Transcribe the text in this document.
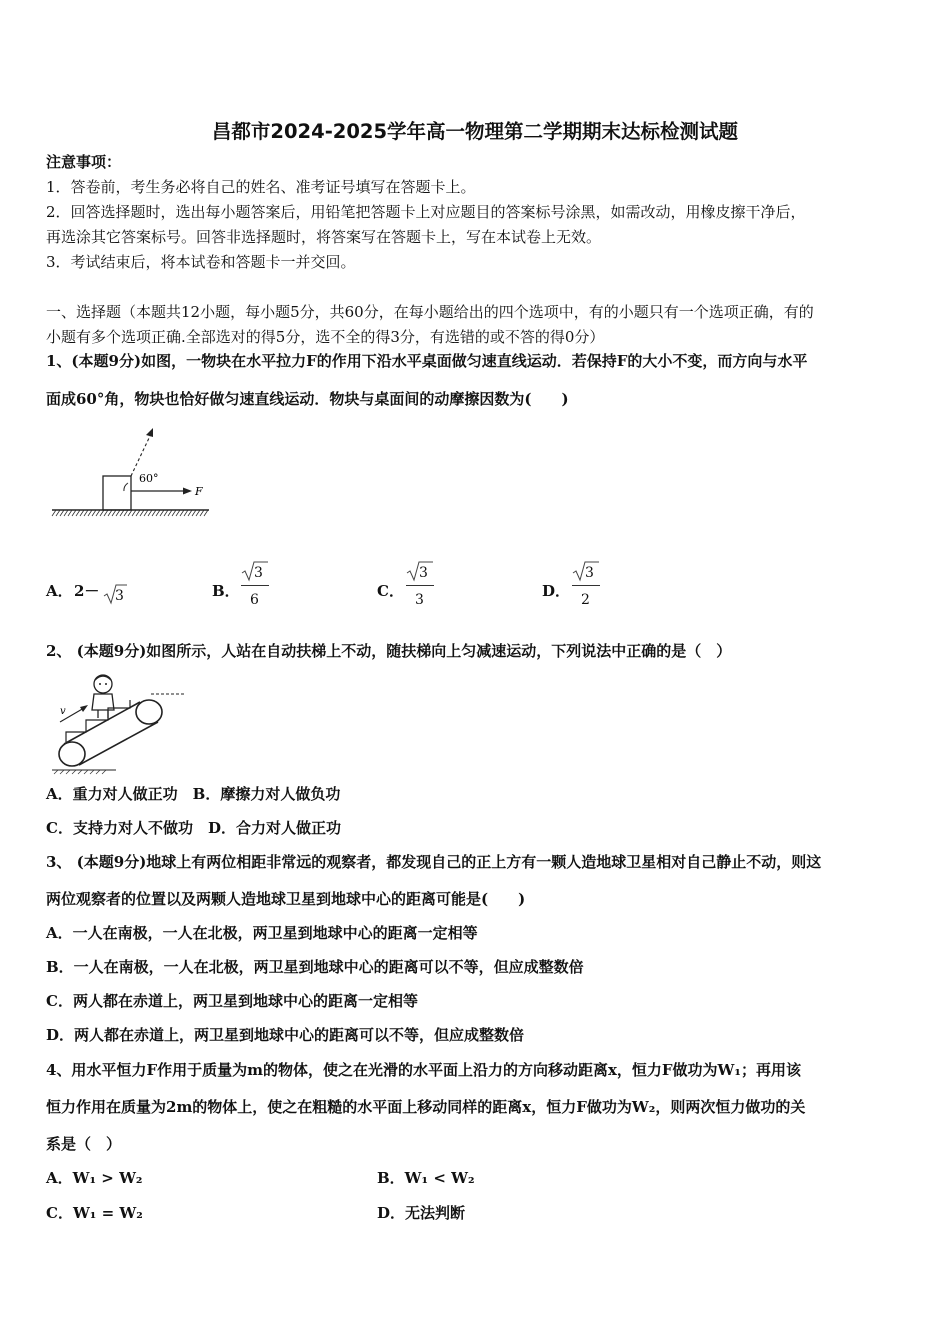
昌都市2024-2025学年高一物理第二学期期末达标检测试题
注意事项：
1．答卷前，考生务必将自己的姓名、准考证号填写在答题卡上。
2．回答选择题时，选出每小题答案后，用铅笔把答题卡上对应题目的答案标号涂黑，如需改动，用橡皮擦干净后，
再选涂其它答案标号。回答非选择题时，将答案写在答题卡上，写在本试卷上无效。
3．考试结束后，将本试卷和答题卡一并交回。
一、选择题（本题共12小题，每小题5分，共60分，在每小题给出的四个选项中，有的小题只有一个选项正确，有的
小题有多个选项正确.全部选对的得5分，选不全的得3分，有选错的或不答的得0分）
1、(本题9分)如图，一物块在水平拉力F的作用下沿水平桌面做匀速直线运动．若保持F的大小不变，而方向与水平
面成60°角，物块也恰好做匀速直线运动．物块与桌面间的动摩擦因数为(　　)
60°
F
A． 2－ 3	B．
3
6	C．
3
3	D．
3
2
2、 (本题9分)如图所示，人站在自动扶梯上不动，随扶梯向上匀减速运动，下列说法中正确的是（　）
v
A．重力对人做正功　B．摩擦力对人做负功
C．支持力对人不做功　D．合力对人做正功
3、 (本题9分)地球上有两位相距非常远的观察者，都发现自己的正上方有一颗人造地球卫星相对自己静止不动，则这
两位观察者的位置以及两颗人造地球卫星到地球中心的距离可能是(　　)
A．一人在南极，一人在北极，两卫星到地球中心的距离一定相等
B．一人在南极，一人在北极，两卫星到地球中心的距离可以不等，但应成整数倍
C．两人都在赤道上，两卫星到地球中心的距离一定相等
D．两人都在赤道上，两卫星到地球中心的距离可以不等，但应成整数倍
4、用水平恒力F作用于质量为m的物体，使之在光滑的水平面上沿力的方向移动距离x，恒力F做功为W₁；再用该
恒力作用在质量为2m的物体上，使之在粗糙的水平面上移动同样的距离x，恒力F做功为W₂，则两次恒力做功的关
系是（　）
A．W₁ > W₂	B．W₁ < W₂
C．W₁ = W₂	D．无法判断
